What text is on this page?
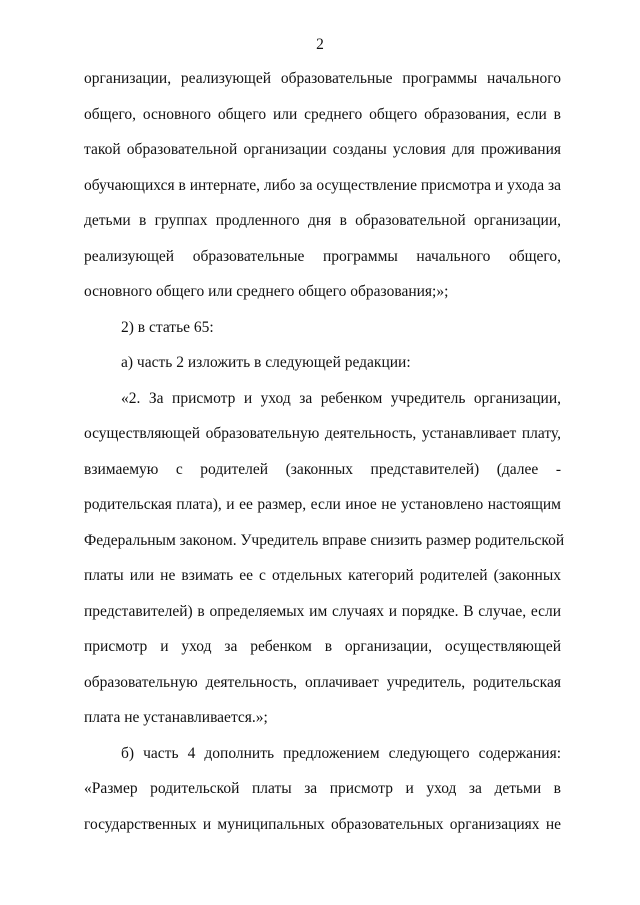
2
организации, реализующей образовательные программы начального
общего, основного общего или среднего общего образования, если в
такой образовательной организации созданы условия для проживания
обучающихся в интернате, либо за осуществление присмотра и ухода за
детьми в группах продленного дня в образовательной организации,
реализующей образовательные программы начального общего,
основного общего или среднего общего образования;»;
2) в статье 65:
а) часть 2 изложить в следующей редакции:
«2. За присмотр и уход за ребенком учредитель организации,
осуществляющей образовательную деятельность, устанавливает плату,
взимаемую с родителей (законных представителей) (далее -
родительская плата), и ее размер, если иное не установлено настоящим
Федеральным законом. Учредитель вправе снизить размер родительской
платы или не взимать ее с отдельных категорий родителей (законных
представителей) в определяемых им случаях и порядке. В случае, если
присмотр и уход за ребенком в организации, осуществляющей
образовательную деятельность, оплачивает учредитель, родительская
плата не устанавливается.»;
б) часть 4 дополнить предложением следующего содержания:
«Размер родительской платы за присмотр и уход за детьми в
государственных и муниципальных образовательных организациях не
